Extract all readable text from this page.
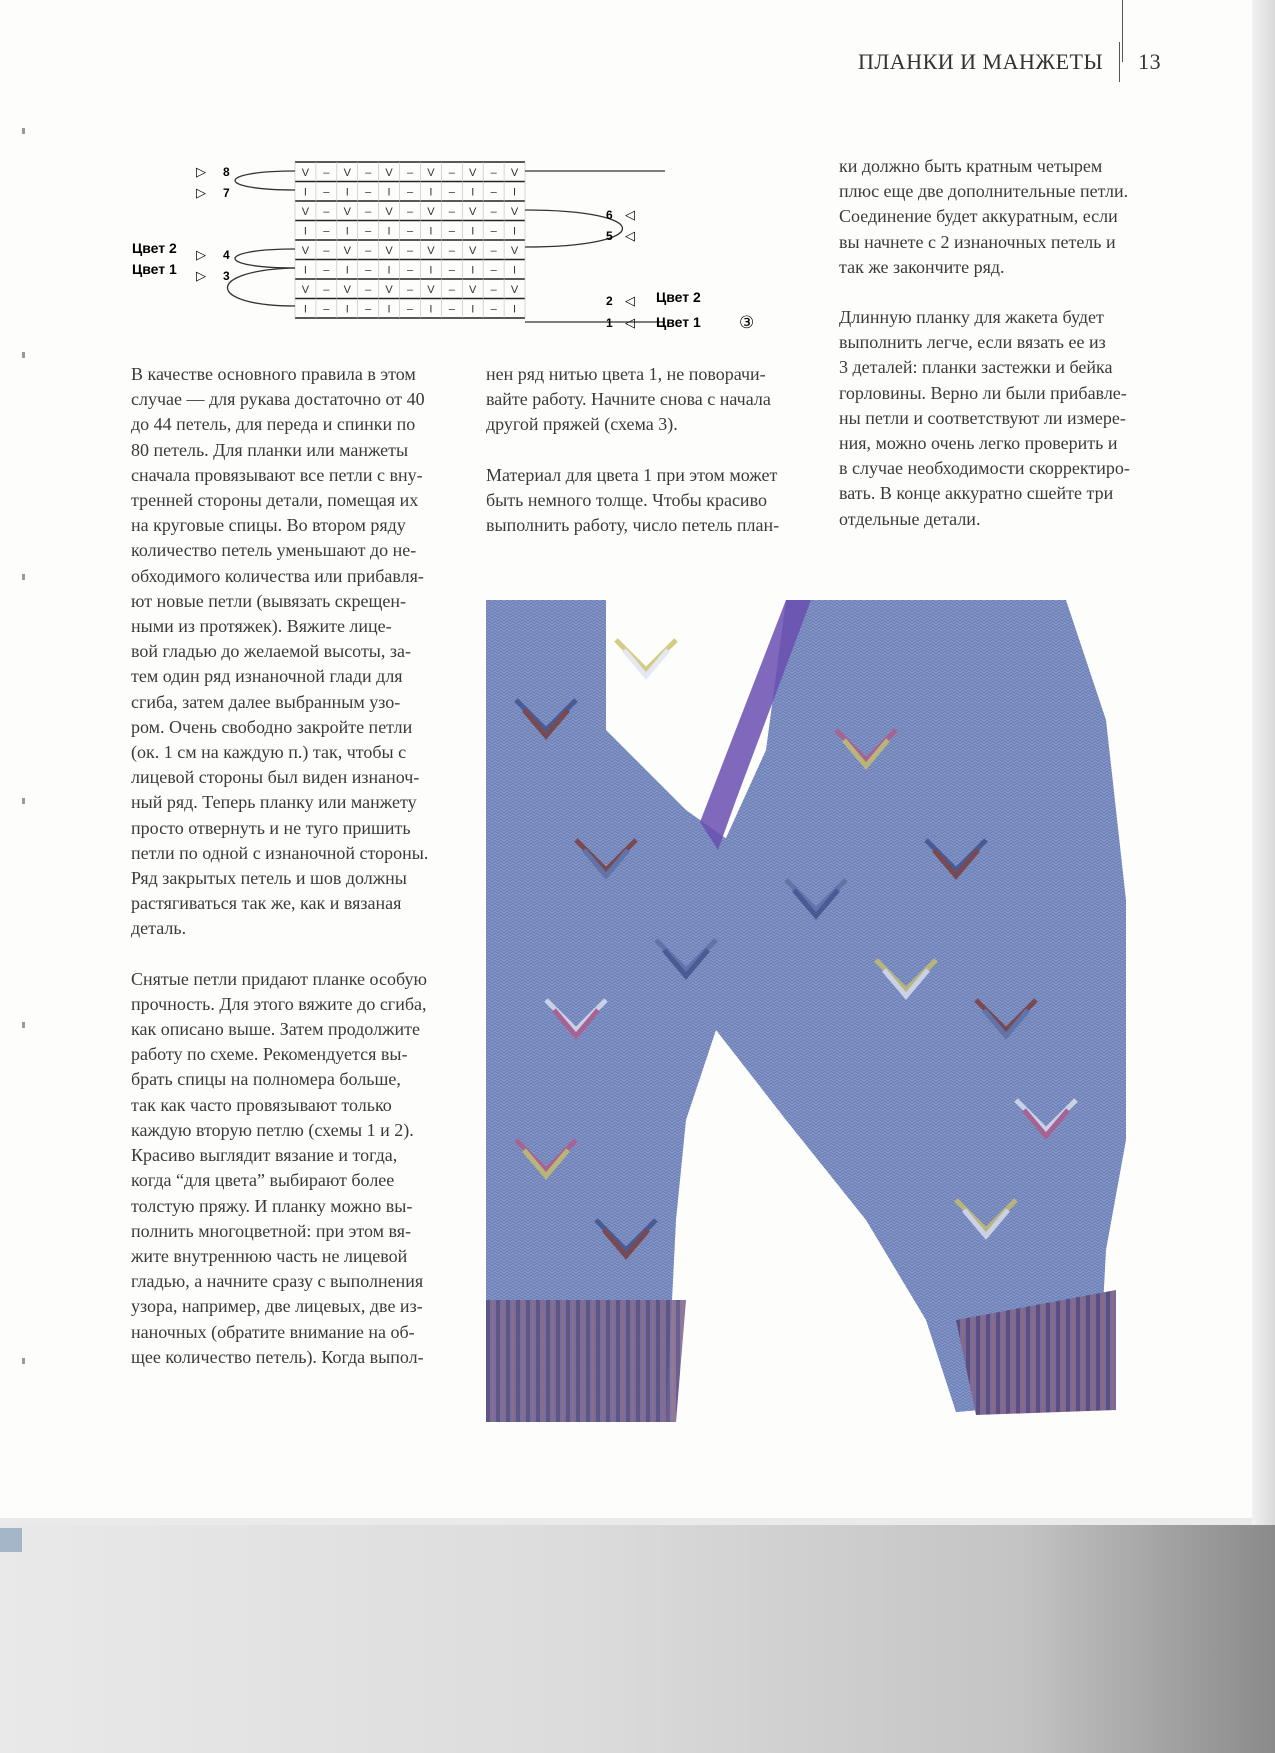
ПЛАНКИ И МАНЖЕТЫ 13
V – V – V – V – V – V
I – I – I – I – I – I
V – V – V – V – V – V
I – I – I – I – I – I
V – V – V – V – V – V
I – I – I – I – I – I
V – V – V – V – V – V
I – I – I – I – I – I
▷ 8
▷ 7
6 ◁
5 ◁
Цвет 2
Цвет 1
▷ 4
▷ 3
2 ◁ Цвет 2
1 ◁ Цвет 1 ③

В качестве основного правила в этом
случае — для рукава достаточно от 40
до 44 петель, для переда и спинки по
80 петель. Для планки или манжеты
сначала провязывают все петли с вну-
тренней стороны детали, помещая их
на круговые спицы. Во втором ряду
количество петель уменьшают до не-
обходимого количества или прибавля-
ют новые петли (вывязать скрещен-
ными из протяжек). Вяжите лице-
вой гладью до желаемой высоты, за-
тем один ряд изнаночной глади для
сгиба, затем далее выбранным узо-
ром. Очень свободно закройте петли
(ок. 1 см на каждую п.) так, чтобы с
лицевой стороны был виден изнаноч-
ный ряд. Теперь планку или манжету
просто отвернуть и не туго пришить
петли по одной с изнаночной стороны.
Ряд закрытых петель и шов должны
растягиваться так же, как и вязаная
деталь.

Снятые петли придают планке особую
прочность. Для этого вяжите до сгиба,
как описано выше. Затем продолжите
работу по схеме. Рекомендуется вы-
брать спицы на полномера больше,
так как часто провязывают только
каждую вторую петлю (схемы 1 и 2).
Красиво выглядит вязание и тогда,
когда “для цвета” выбирают более
толстую пряжу. И планку можно вы-
полнить многоцветной: при этом вя-
жите внутреннюю часть не лицевой
гладью, а начните сразу с выполнения
узора, например, две лицевых, две из-
наночных (обратите внимание на об-
щее количество петель). Когда выпол-

нен ряд нитью цвета 1, не поворачи-
вайте работу. Начните снова с начала
другой пряжей (схема 3).

Материал для цвета 1 при этом может
быть немного толще. Чтобы красиво
выполнить работу, число петель план-

ки должно быть кратным четырем
плюс еще две дополнительные петли.
Соединение будет аккуратным, если
вы начнете с 2 изнаночных петель и
так же закончите ряд.

Длинную планку для жакета будет
выполнить легче, если вязать ее из
3 деталей: планки застежки и бейка
горловины. Верно ли были прибавле-
ны петли и соответствуют ли измере-
ния, можно очень легко проверить и
в случае необходимости скорректиро-
вать. В конце аккуратно сшейте три
отдельные детали.
